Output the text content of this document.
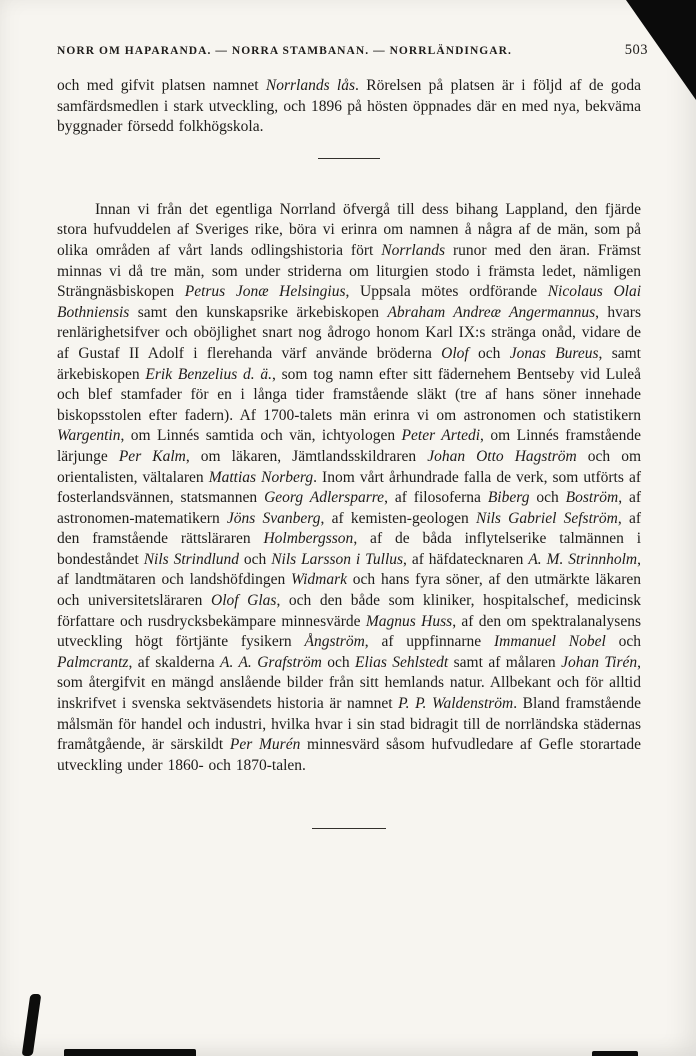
NORR OM HAPARANDA. — NORRA STAMBANAN. — NORRLÄNDINGAR.	503

och med gifvit platsen namnet Norrlands lås. Rörelsen på platsen är i följd af de goda samfärdsmedlen i stark utveckling, och 1896 på hösten öppnades där en med nya, bekväma byggnader försedd folkhögskola.

Innan vi från det egentliga Norrland öfvergå till dess bihang Lappland, den fjärde stora hufvuddelen af Sveriges rike, böra vi erinra om namnen å några af de män, som på olika områden af vårt lands odlingshistoria fört Norrlands runor med den äran. Främst minnas vi då tre män, som under striderna om liturgien stodo i främsta ledet, nämligen Strängnäsbiskopen Petrus Jonæ Helsingius, Uppsala mötes ordförande Nicolaus Olai Bothniensis samt den kunskapsrike ärkebiskopen Abraham Andreæ Angermannus, hvars renlärighetsifver och oböjlighet snart nog ådrogo honom Karl IX:s stränga onåd, vidare de af Gustaf II Adolf i flerehanda värf använde bröderna Olof och Jonas Bureus, samt ärkebiskopen Erik Benzelius d. ä., som tog namn efter sitt fädernehem Bentseby vid Luleå och blef stamfader för en i långa tider framstående släkt (tre af hans söner innehade biskopsstolen efter fadern). Af 1700-talets män erinra vi om astronomen och statistikern Wargentin, om Linnés samtida och vän, ichtyologen Peter Artedi, om Linnés framstående lärjunge Per Kalm, om läkaren, Jämtlandsskildraren Johan Otto Hagström och om orientalisten, vältalaren Mattias Norberg. Inom vårt århundrade falla de verk, som utförts af fosterlandsvännen, statsmannen Georg Adlersparre, af filosoferna Biberg och Boström, af astronomen-matematikern Jöns Svanberg, af kemisten-geologen Nils Gabriel Sefström, af den framstående rättsläraren Holmbergsson, af de båda inflytelserike talmännen i bondeståndet Nils Strindlund och Nils Larsson i Tullus, af häfdatecknaren A. M. Strinnholm, af landtmätaren och landshöfdingen Widmark och hans fyra söner, af den utmärkte läkaren och universitetsläraren Olof Glas, och den både som kliniker, hospitalschef, medicinsk författare och rusdrycksbekämpare minnesvärde Magnus Huss, af den om spektralanalysens utveckling högt förtjänte fysikern Ångström, af uppfinnarne Immanuel Nobel och Palmcrantz, af skalderna A. A. Grafström och Elias Sehlstedt samt af målaren Johan Tirén, som återgifvit en mängd anslående bilder från sitt hemlands natur. Allbekant och för alltid inskrifvet i svenska sektväsendets historia är namnet P. P. Waldenström. Bland framstående målsmän för handel och industri, hvilka hvar i sin stad bidragit till de norrländska städernas framåtgående, är särskildt Per Murén minnesvärd såsom hufvudledare af Gefle storartade utveckling under 1860- och 1870-talen.
